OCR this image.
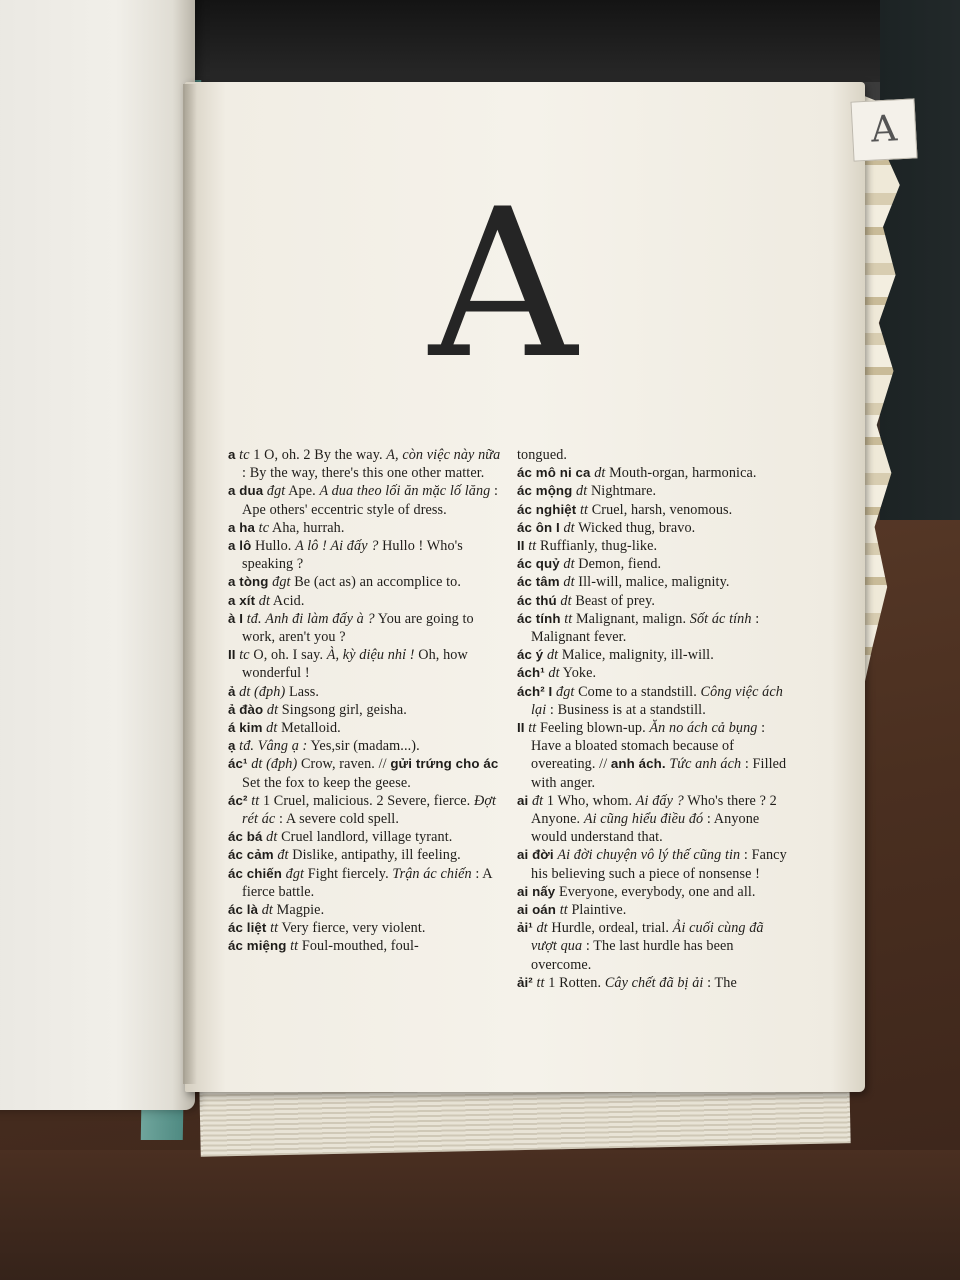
A
A

a tc 1 O, oh. 2 By the way. A, còn việc này nữa : By the way, there's this one other matter.

a dua đgt Ape. A dua theo lối ăn mặc lố lăng : Ape others' eccentric style of dress.

a ha tc Aha, hurrah.

a lô Hullo. A lô ! Ai đấy ? Hullo ! Who's speaking ?

a tòng đgt Be (act as) an accomplice to.

a xít dt Acid.

à I tđ. Anh đi làm đấy à ? You are going to work, aren't you ?

II tc O, oh. I say. À, kỳ diệu nhỉ ! Oh, how wonderful !

ả dt (đph) Lass.

ả đào dt Singsong girl, geisha.

á kim dt Metalloid.

ạ tđ. Vâng ạ : Yes,sir (madam...).

ác¹ dt (đph) Crow, raven. // gửi trứng cho ác Set the fox to keep the geese.

ác² tt 1 Cruel, malicious. 2 Severe, fierce. Đợt rét ác : A severe cold spell.

ác bá dt Cruel landlord, village tyrant.

ác cảm đt Dislike, antipathy, ill feeling.

ác chiến đgt Fight fiercely. Trận ác chiến : A fierce battle.

ác là dt Magpie.

ác liệt tt Very fierce, very violent.

ác miệng tt Foul-mouthed, foul-

tongued.

ác mô ni ca dt Mouth-organ, harmonica.

ác mộng dt Nightmare.

ác nghiệt tt Cruel, harsh, venomous.

ác ôn I dt Wicked thug, bravo.

II tt Ruffianly, thug-like.

ác quỷ dt Demon, fiend.

ác tâm dt Ill-will, malice, malignity.

ác thú dt Beast of prey.

ác tính tt Malignant, malign. Sốt ác tính : Malignant fever.

ác ý dt Malice, malignity, ill-will.

ách¹ dt Yoke.

ách² I đgt Come to a standstill. Công việc ách lại : Business is at a standstill.

II tt Feeling blown-up. Ăn no ách cả bụng : Have a bloated stomach because of overeating. // anh ách. Tức anh ách : Filled with anger.

ai đt 1 Who, whom. Ai đấy ? Who's there ? 2 Anyone. Ai cũng hiểu điều đó : Anyone would understand that.

ai đời Ai đời chuyện vô lý thế cũng tin : Fancy his believing such a piece of nonsense !

ai nấy Everyone, everybody, one and all.

ai oán tt Plaintive.

ải¹ dt Hurdle, ordeal, trial. Ải cuối cùng đã vượt qua : The last hurdle has been overcome.

ải² tt 1 Rotten. Cây chết đã bị ải : The
